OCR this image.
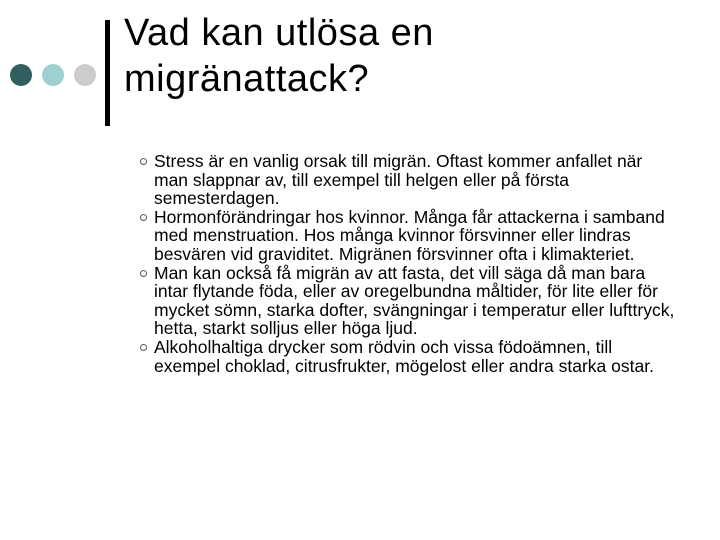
Vad kan utlösa en
migränattack?
Stress är en vanlig orsak till migrän. Oftast kommer anfallet när man slappnar av, till exempel till helgen eller på första semesterdagen.
Hormonförändringar hos kvinnor. Många får attackerna i samband med menstruation. Hos många kvinnor försvinner eller lindras besvären vid graviditet. Migränen försvinner ofta i klimakteriet.
Man kan också få migrän av att fasta, det vill säga då man bara intar flytande föda, eller av oregelbundna måltider, för lite eller för mycket sömn, starka dofter, svängningar i temperatur eller lufttryck, hetta, starkt solljus eller höga ljud.
Alkoholhaltiga drycker som rödvin och vissa födoämnen, till exempel choklad, citrusfrukter, mögelost eller andra starka ostar.
